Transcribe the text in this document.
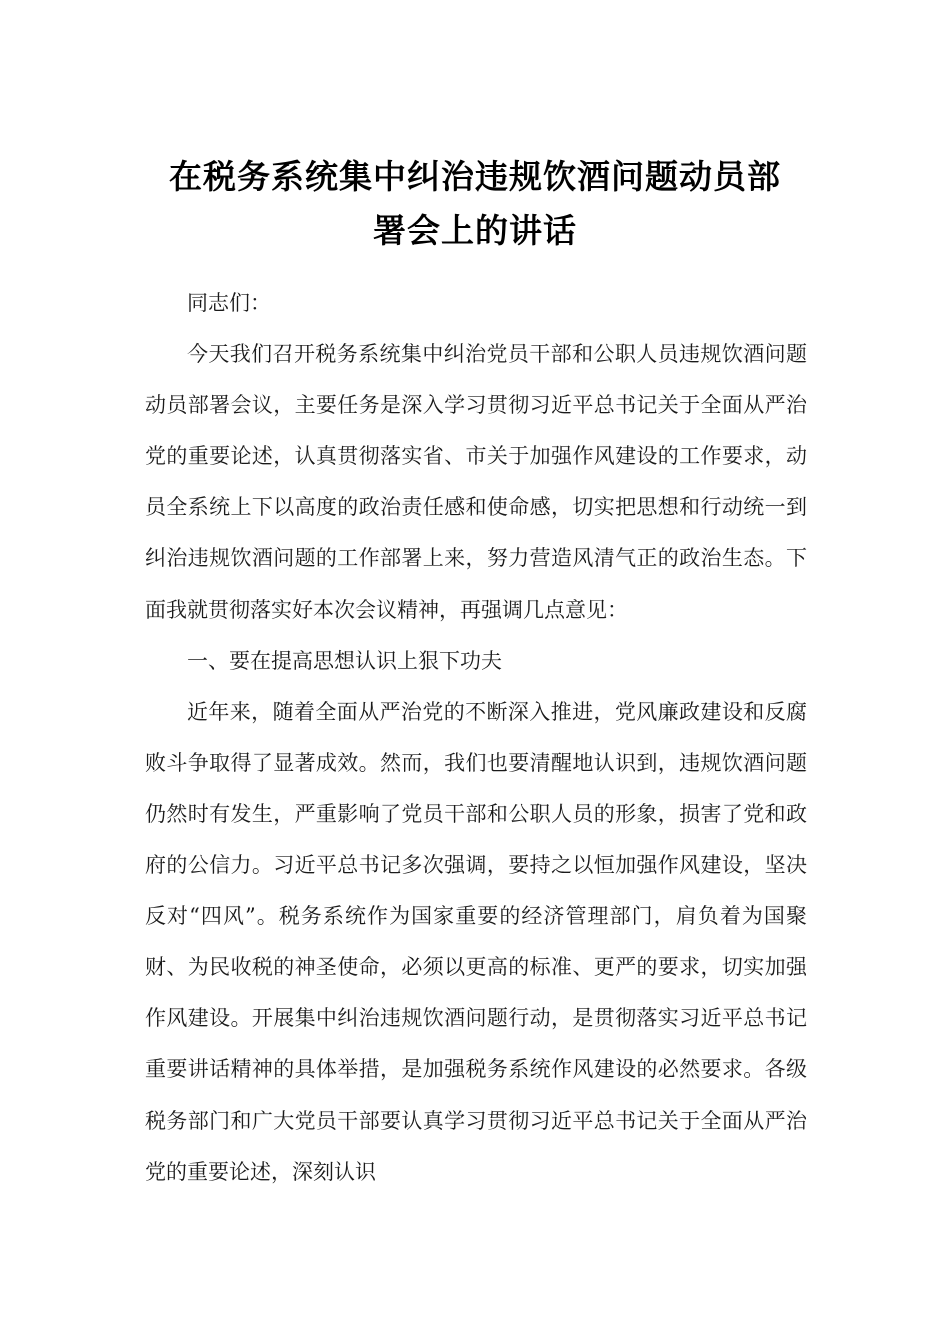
在税务系统集中纠治违规饮酒问题动员部
署会上的讲话

同志们：

今天我们召开税务系统集中纠治党员干部和公职人员违规饮酒问题动员部署会议，主要任务是深入学习贯彻习近平总书记关于全面从严治党的重要论述，认真贯彻落实省、市关于加强作风建设的工作要求，动员全系统上下以高度的政治责任感和使命感，切实把思想和行动统一到纠治违规饮酒问题的工作部署上来，努力营造风清气正的政治生态。下面我就贯彻落实好本次会议精神，再强调几点意见：

一、要在提高思想认识上狠下功夫

近年来，随着全面从严治党的不断深入推进，党风廉政建设和反腐败斗争取得了显著成效。然而，我们也要清醒地认识到，违规饮酒问题仍然时有发生，严重影响了党员干部和公职人员的形象，损害了党和政府的公信力。习近平总书记多次强调，要持之以恒加强作风建设，坚决反对“四风”。税务系统作为国家重要的经济管理部门，肩负着为国聚财、为民收税的神圣使命，必须以更高的标准、更严的要求，切实加强作风建设。开展集中纠治违规饮酒问题行动，是贯彻落实习近平总书记重要讲话精神的具体举措，是加强税务系统作风建设的必然要求。各级税务部门和广大党员干部要认真学习贯彻习近平总书记关于全面从严治党的重要论述，深刻认识
